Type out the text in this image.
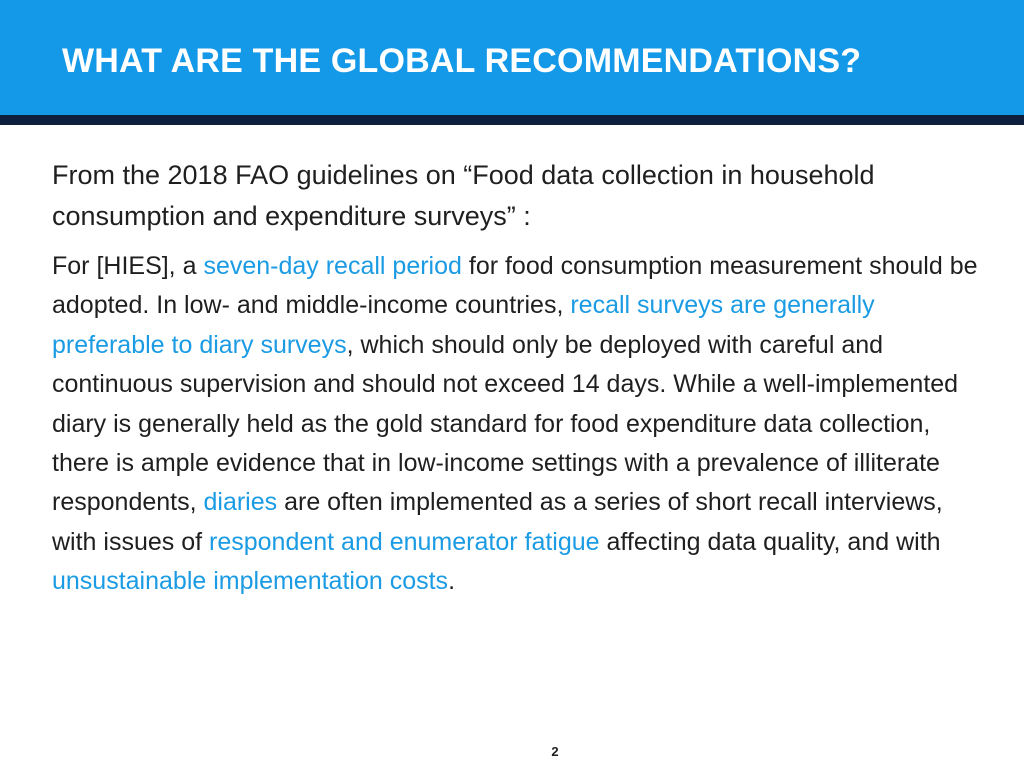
WHAT ARE THE GLOBAL RECOMMENDATIONS?

From the 2018 FAO guidelines on “Food data collection in household consumption and expenditure surveys” :

For [HIES], a seven-day recall period for food consumption measurement should be adopted. In low- and middle-income countries, recall surveys are generally preferable to diary surveys, which should only be deployed with careful and continuous supervision and should not exceed 14 days. While a well-implemented diary is generally held as the gold standard for food expenditure data collection, there is ample evidence that in low-income settings with a prevalence of illiterate respondents, diaries are often implemented as a series of short recall interviews, with issues of respondent and enumerator fatigue affecting data quality, and with unsustainable implementation costs.

2
